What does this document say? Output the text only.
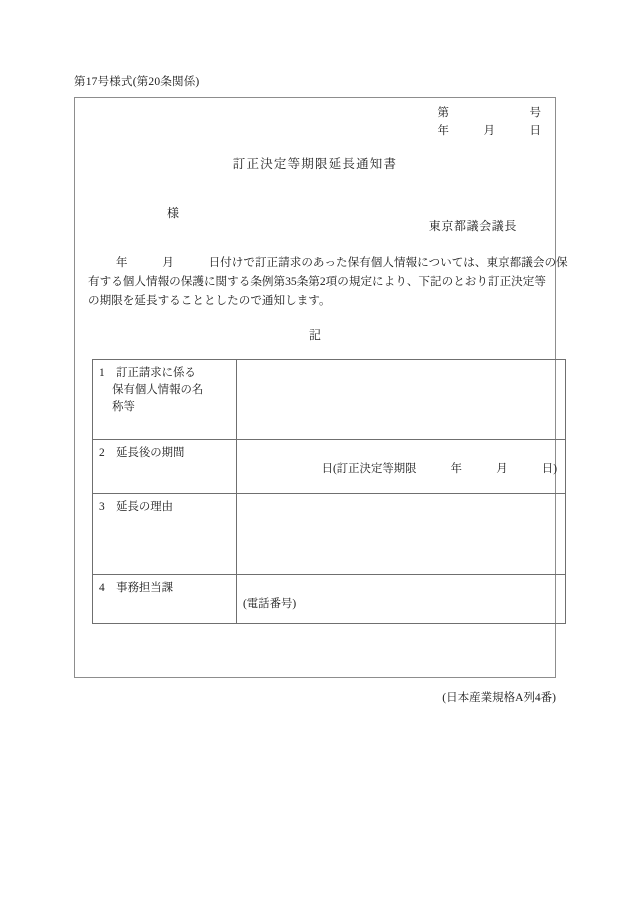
第17号様式(第20条関係)
第　　　　　　　号
年　　　月　　　日
訂正決定等期限延長通知書
様
東京都議会議長
年　　　月　　　日付けで訂正請求のあった保有個人情報については、東京都議会の保
有する個人情報の保護に関する条例第35条第2項の規定により、下記のとおり訂正決定等
の期限を延長することとしたので通知します。
記
1　訂正請求に係る
保有個人情報の名
称等	

2　延長後の期間	日(訂正決定等期限　　　年　　　月　　　日)

3　延長の理由	

4　事務担当課	(電話番号)
(日本産業規格A列4番)
